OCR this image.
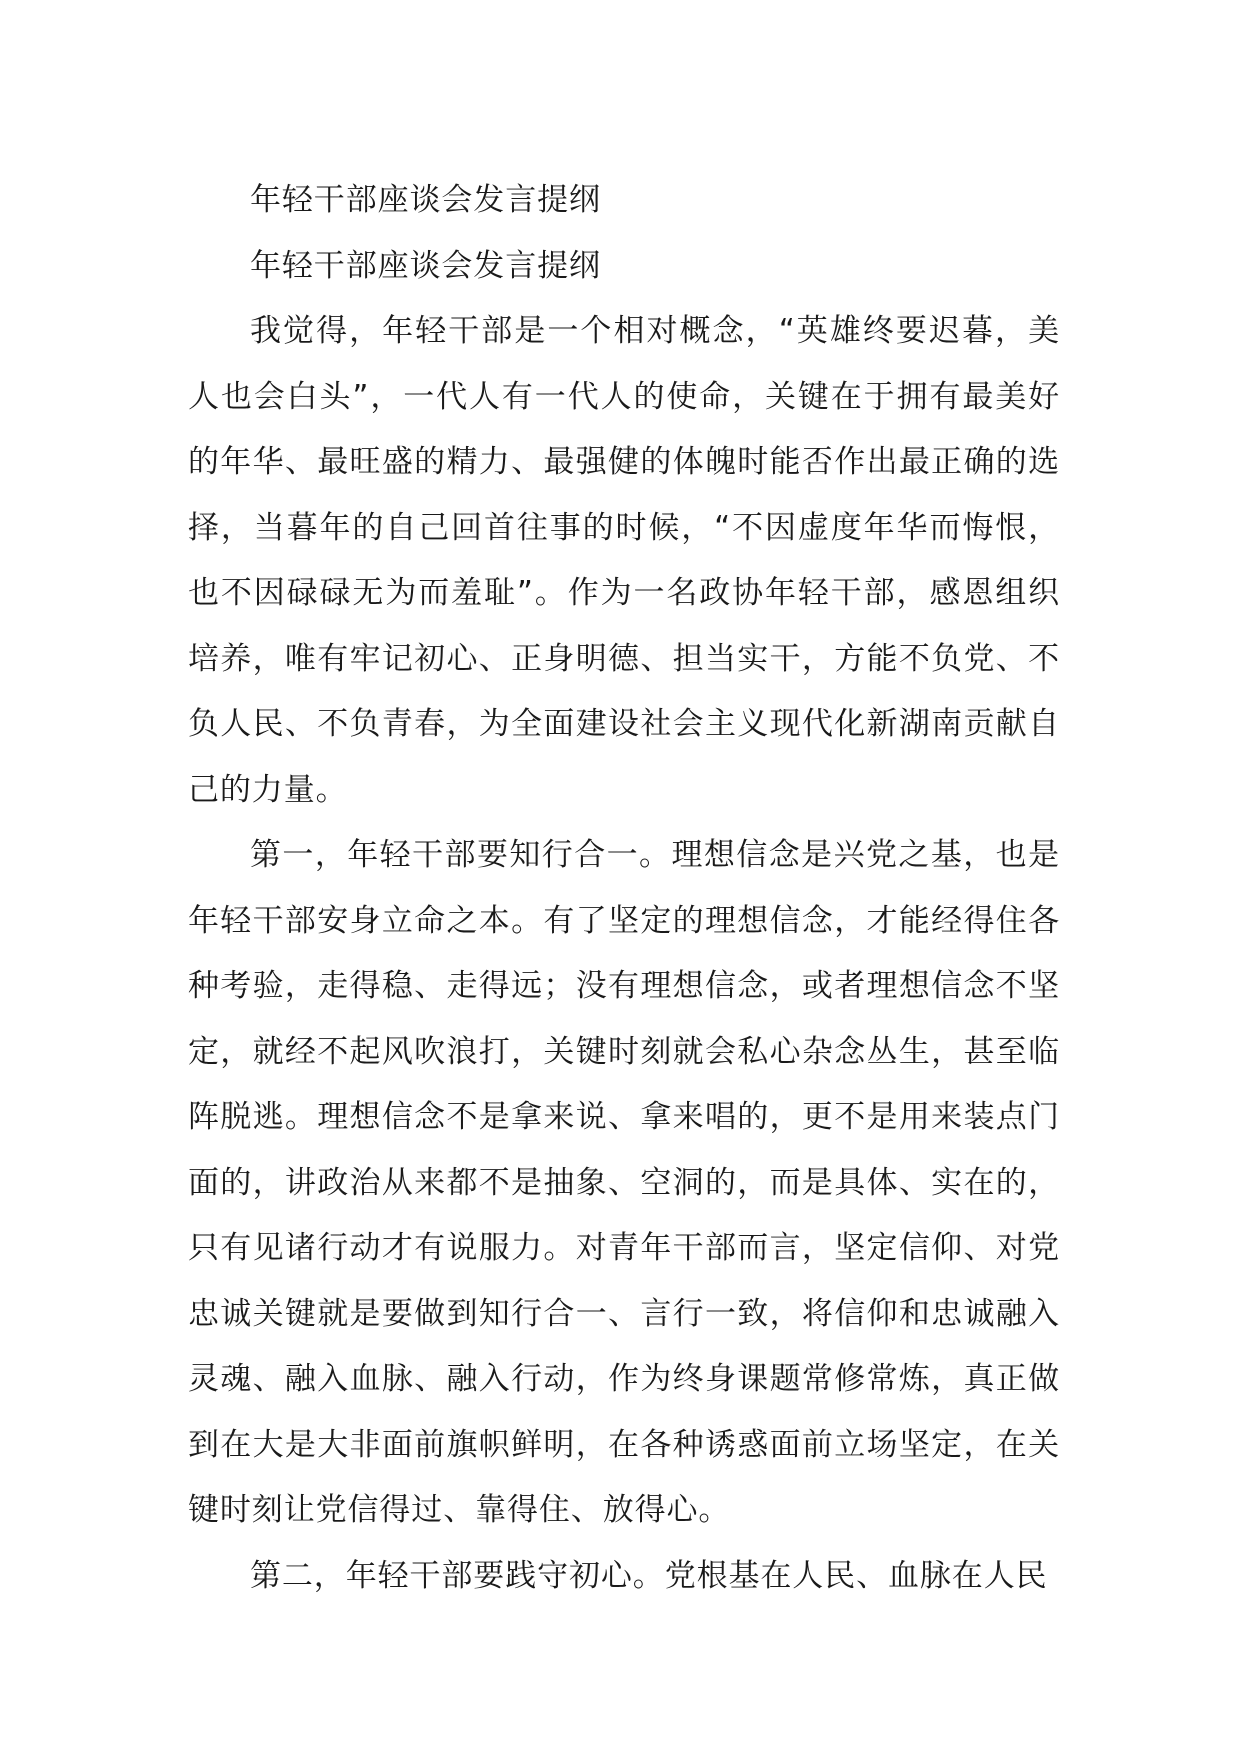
年轻干部座谈会发言提纲

年轻干部座谈会发言提纲

我觉得，年轻干部是一个相对概念，“英雄终要迟暮，美人也会白头”，一代人有一代人的使命，关键在于拥有最美好的年华、最旺盛的精力、最强健的体魄时能否作出最正确的选择，当暮年的自己回首往事的时候，“不因虚度年华而悔恨，也不因碌碌无为而羞耻”。作为一名政协年轻干部，感恩组织培养，唯有牢记初心、正身明德、担当实干，方能不负党、不负人民、不负青春，为全面建设社会主义现代化新湖南贡献自己的力量。

第一，年轻干部要知行合一。理想信念是兴党之基，也是年轻干部安身立命之本。有了坚定的理想信念，才能经得住各种考验，走得稳、走得远；没有理想信念，或者理想信念不坚定，就经不起风吹浪打，关键时刻就会私心杂念丛生，甚至临阵脱逃。理想信念不是拿来说、拿来唱的，更不是用来装点门面的，讲政治从来都不是抽象、空洞的，而是具体、实在的，只有见诸行动才有说服力。对青年干部而言，坚定信仰、对党忠诚关键就是要做到知行合一、言行一致，将信仰和忠诚融入灵魂、融入血脉、融入行动，作为终身课题常修常炼，真正做到在大是大非面前旗帜鲜明，在各种诱惑面前立场坚定，在关键时刻让党信得过、靠得住、放得心。

第二，年轻干部要践守初心。党根基在人民、血脉在人民
